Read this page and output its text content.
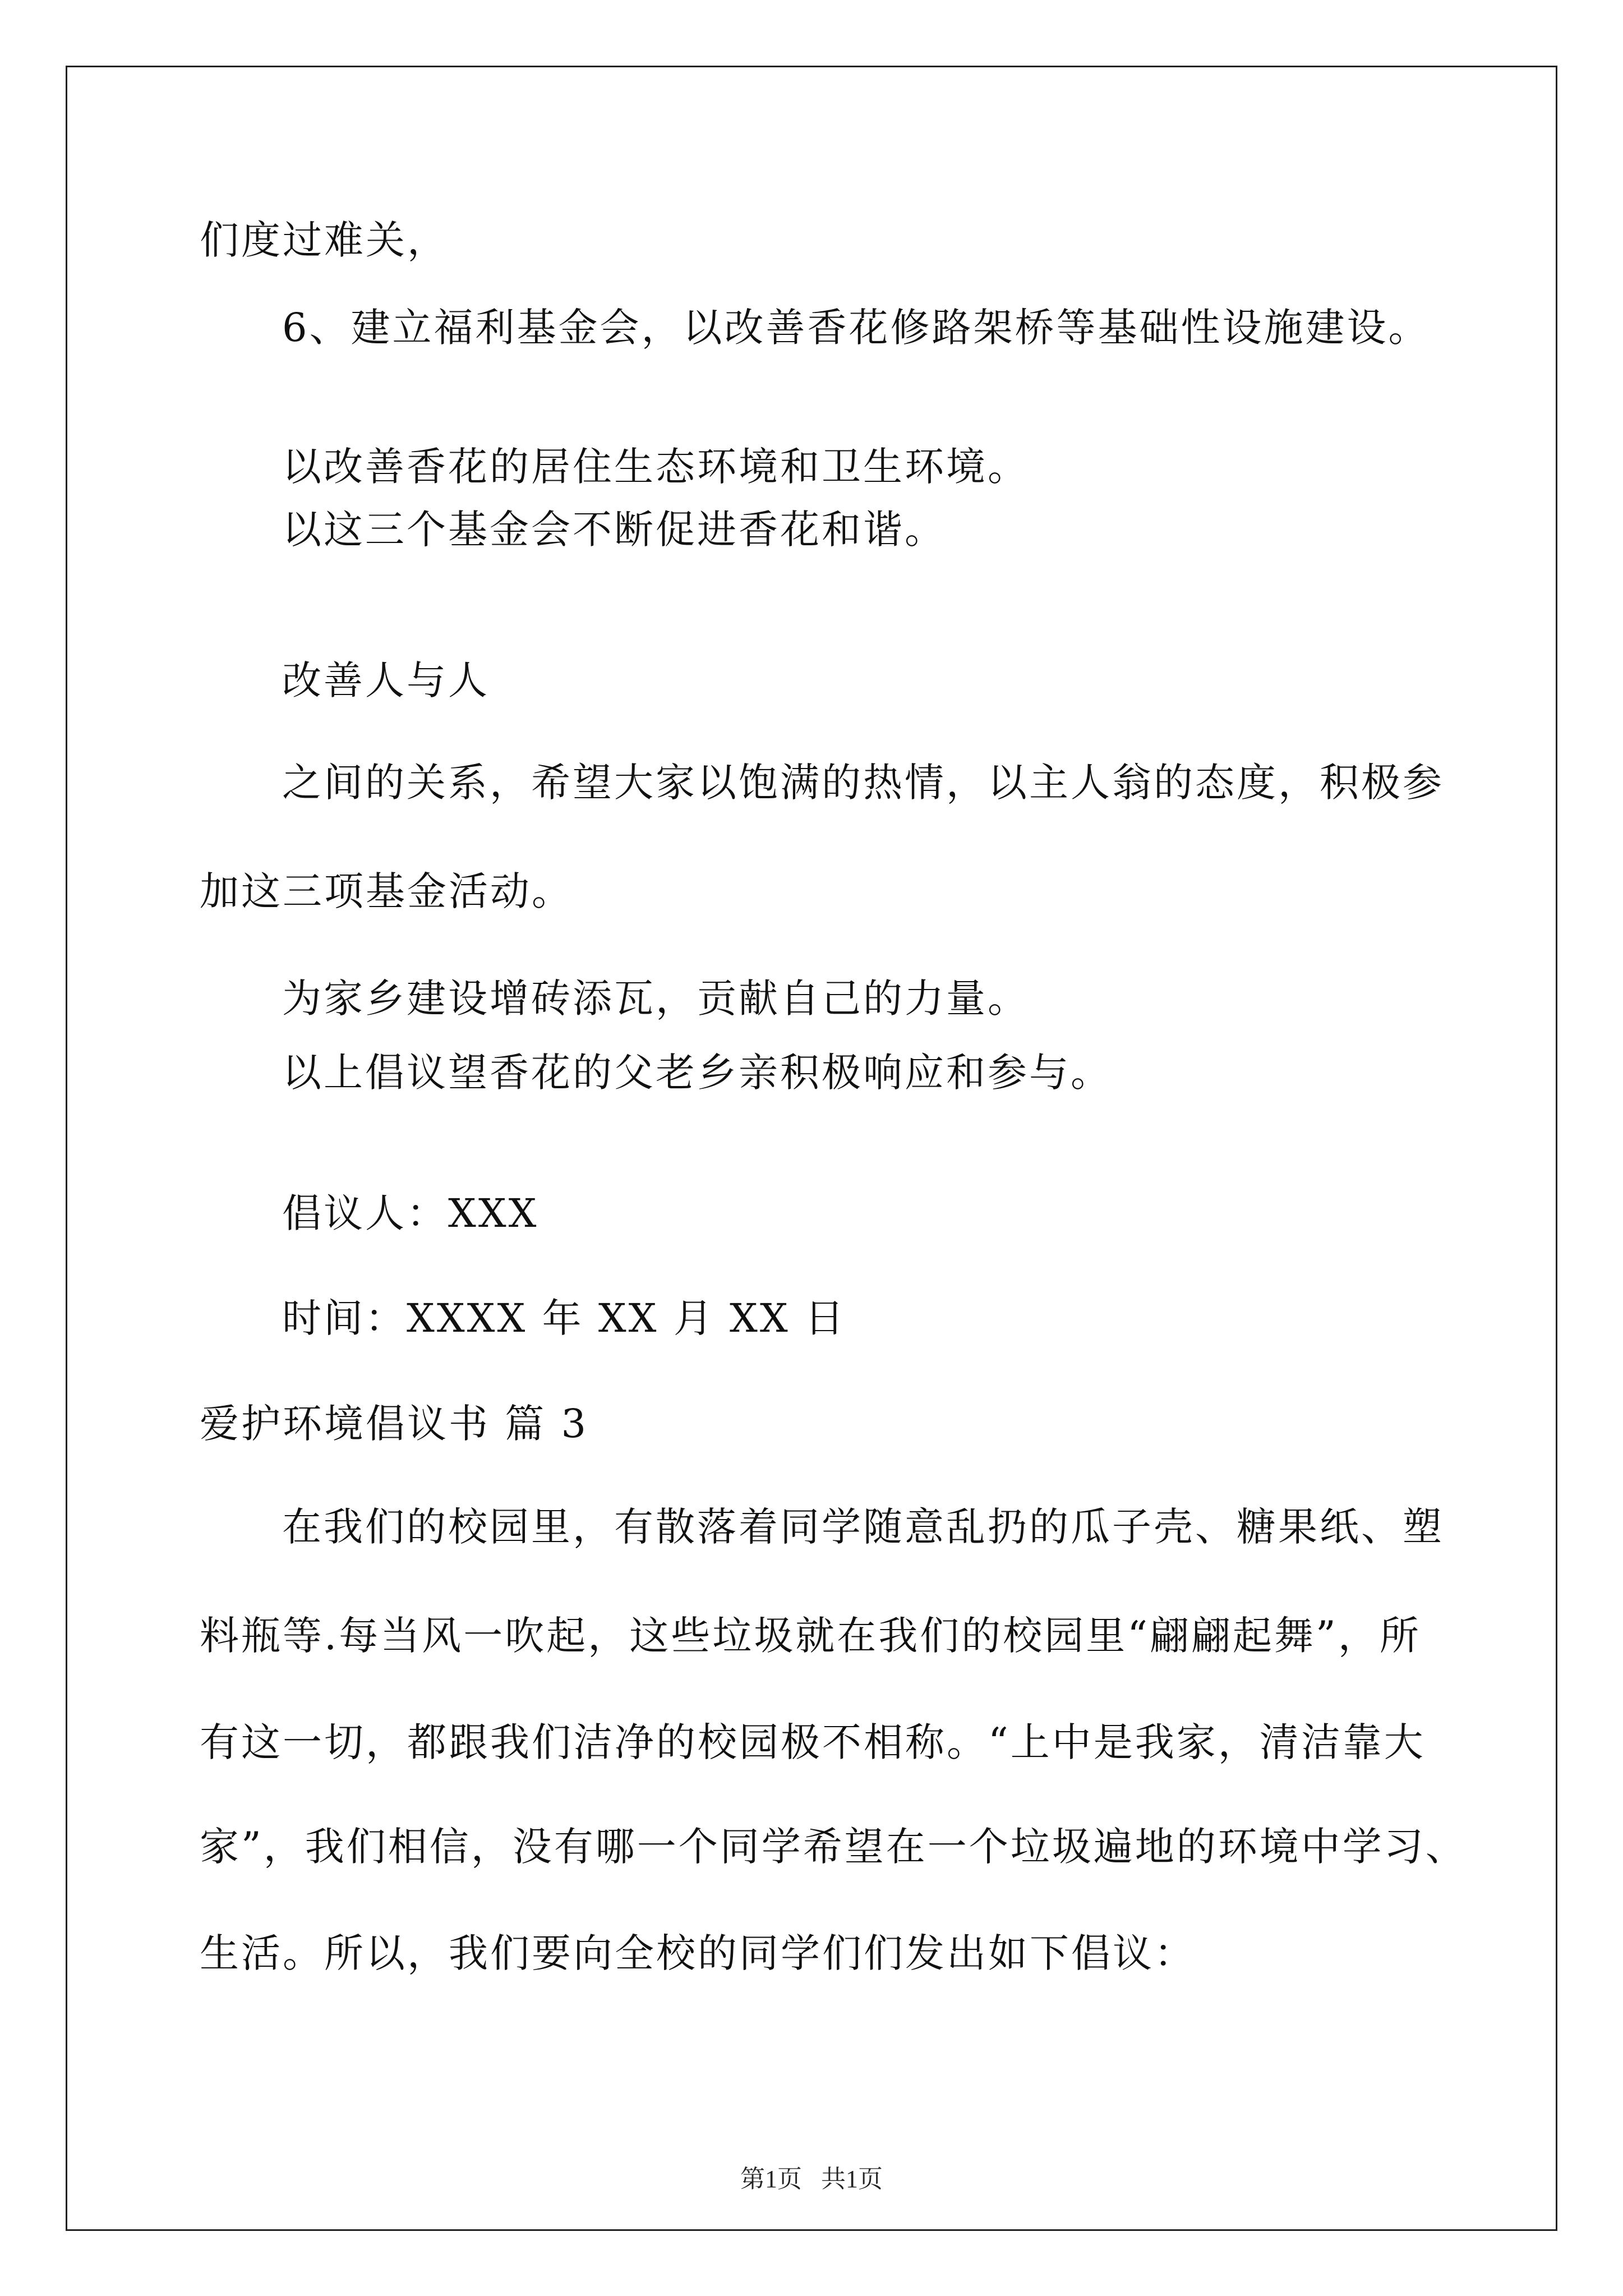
们度过难关，
6、建立福利基金会，以改善香花修路架桥等基础性设施建设。
以改善香花的居住生态环境和卫生环境。
以这三个基金会不断促进香花和谐。
改善人与人
之间的关系，希望大家以饱满的热情，以主人翁的态度，积极参
加这三项基金活动。
为家乡建设增砖添瓦，贡献自己的力量。
以上倡议望香花的父老乡亲积极响应和参与。
倡议人：XXX
时间：XXXX 年 XX 月 XX 日
爱护环境倡议书 篇 3
在我们的校园里，有散落着同学随意乱扔的瓜子壳、糖果纸、塑
料瓶等.每当风一吹起，这些垃圾就在我们的校园里“翩翩起舞”，所
有这一切，都跟我们洁净的校园极不相称。“上中是我家，清洁靠大
家”，我们相信，没有哪一个同学希望在一个垃圾遍地的环境中学习、
生活。所以，我们要向全校的同学们们发出如下倡议：
第1页 共1页
